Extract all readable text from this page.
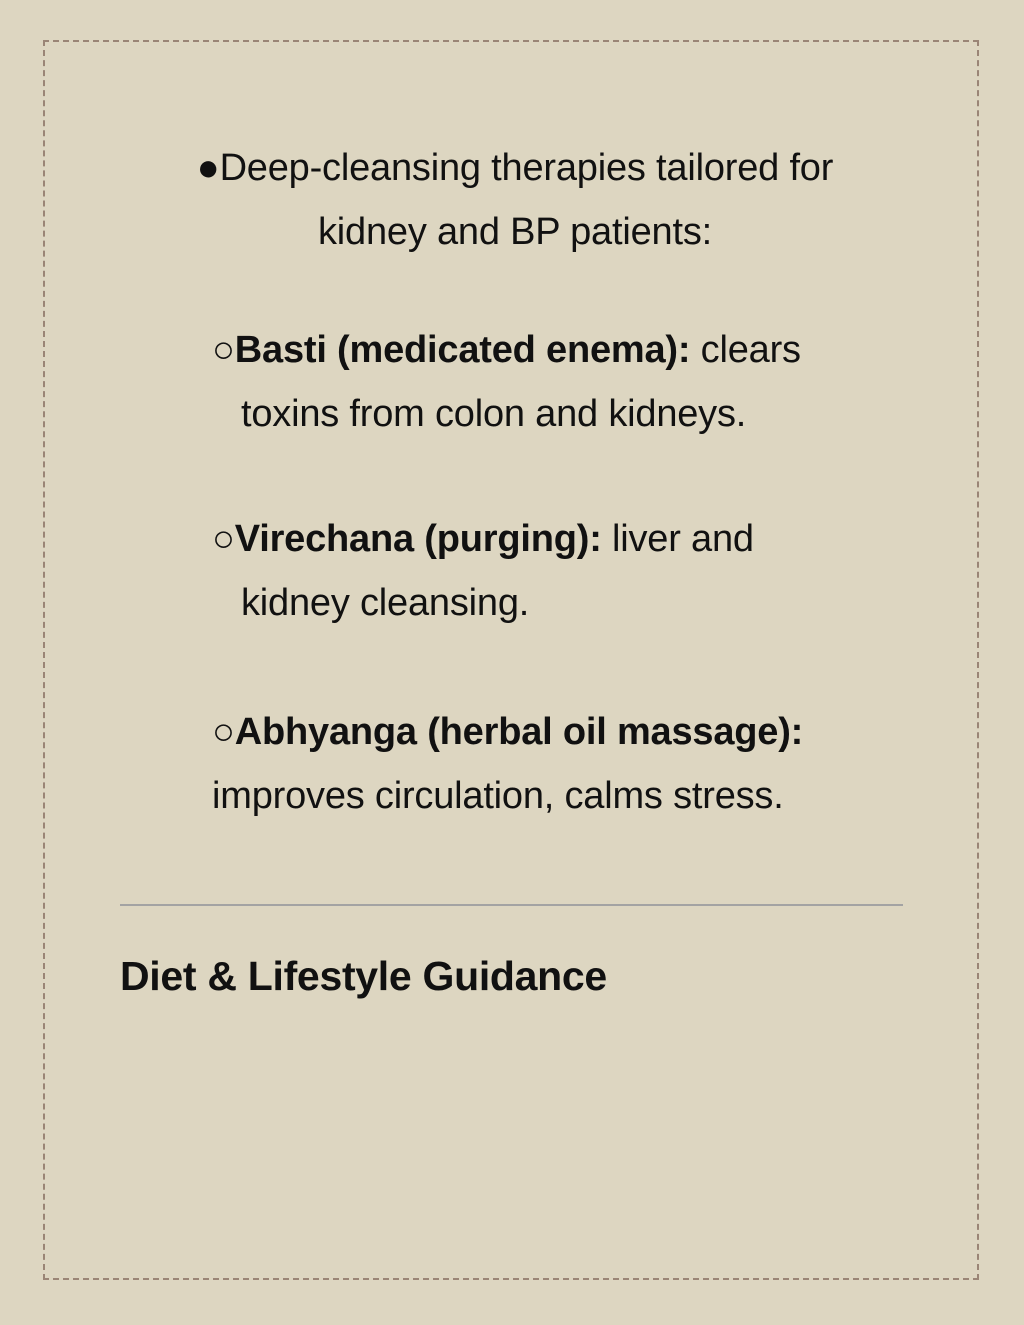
●Deep-cleansing therapies tailored for
kidney and BP patients:
○Basti (medicated enema): clears
toxins from colon and kidneys.
○Virechana (purging): liver and
kidney cleansing.
○Abhyanga (herbal oil massage):
improves circulation, calms stress.
Diet & Lifestyle Guidance
